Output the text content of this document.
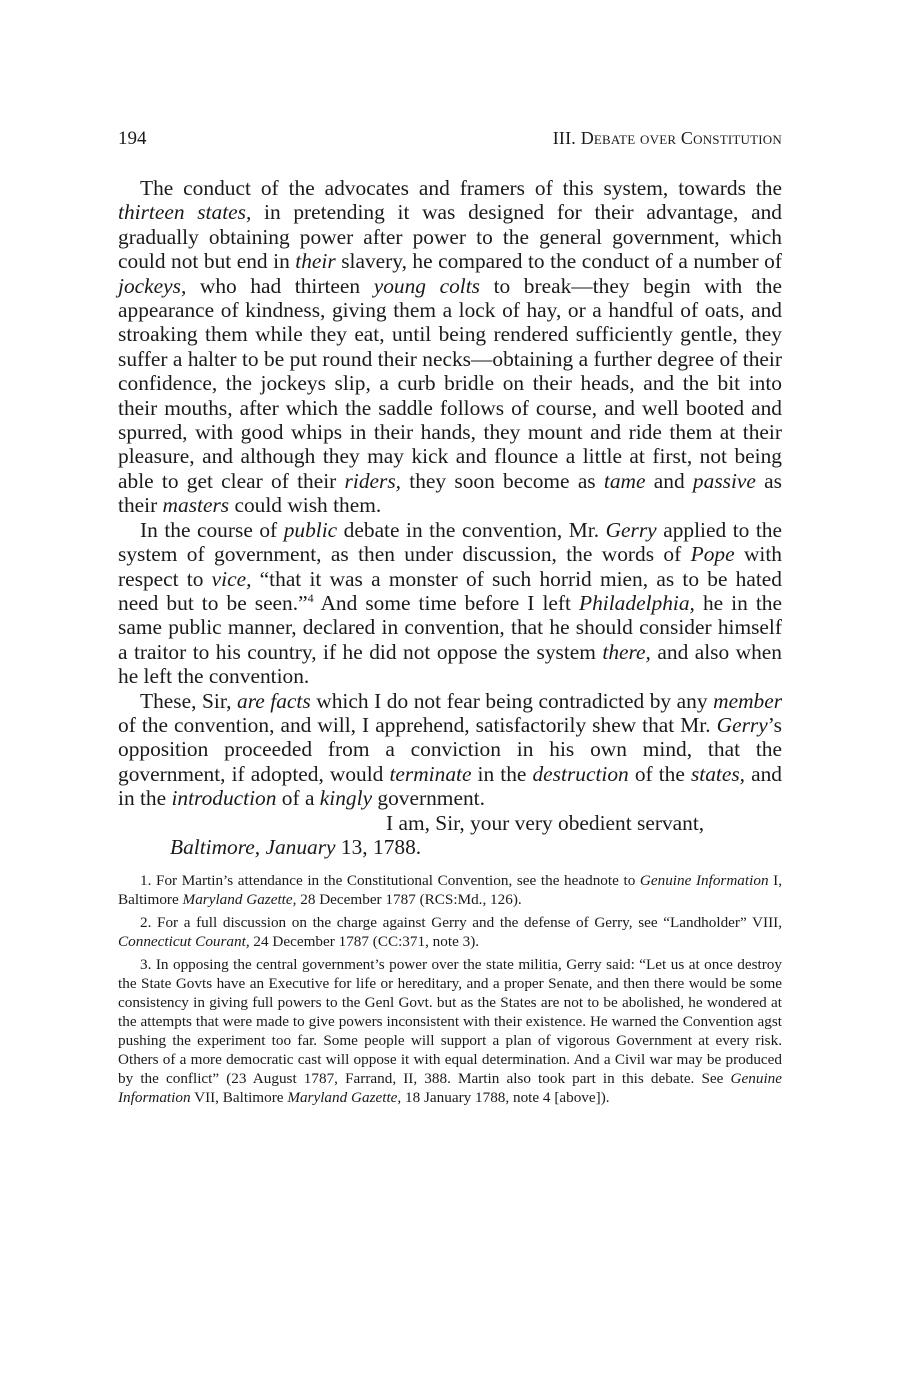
194	III. Debate over Constitution

The conduct of the advocates and framers of this system, towards the thirteen states, in pretending it was designed for their advantage, and gradually obtaining power after power to the general government, which could not but end in their slavery, he compared to the conduct of a number of jockeys, who had thirteen young colts to break—they begin with the appearance of kindness, giving them a lock of hay, or a handful of oats, and stroaking them while they eat, until being rendered sufficiently gentle, they suffer a halter to be put round their necks—obtaining a further degree of their confidence, the jockeys slip, a curb bridle on their heads, and the bit into their mouths, after which the saddle follows of course, and well booted and spurred, with good whips in their hands, they mount and ride them at their pleasure, and although they may kick and flounce a little at first, not being able to get clear of their riders, they soon become as tame and passive as their masters could wish them.

In the course of public debate in the convention, Mr. Gerry applied to the system of government, as then under discussion, the words of Pope with respect to vice, “that it was a monster of such horrid mien, as to be hated need but to be seen.”$^4$ And some time before I left Philadelphia, he in the same public manner, declared in convention, that he should consider himself a traitor to his country, if he did not oppose the system there, and also when he left the convention.

These, Sir, are facts which I do not fear being contradicted by any member of the convention, and will, I apprehend, satisfactorily shew that Mr. Gerry’s opposition proceeded from a conviction in his own mind, that the government, if adopted, would terminate in the destruction of the states, and in the introduction of a kingly government.

I am, Sir, your very obedient servant,

Baltimore, January 13, 1788.

1. For Martin’s attendance in the Constitutional Convention, see the headnote to Genuine Information I, Baltimore Maryland Gazette, 28 December 1787 (RCS:Md., 126).

2. For a full discussion on the charge against Gerry and the defense of Gerry, see “Landholder” VIII, Connecticut Courant, 24 December 1787 (CC:371, note 3).

3. In opposing the central government’s power over the state militia, Gerry said: “Let us at once destroy the State Govts have an Executive for life or hereditary, and a proper Senate, and then there would be some consistency in giving full powers to the Genl Govt. but as the States are not to be abolished, he wondered at the attempts that were made to give powers inconsistent with their existence. He warned the Convention agst pushing the experiment too far. Some people will support a plan of vigorous Government at every risk. Others of a more democratic cast will oppose it with equal determination. And a Civil war may be produced by the conflict” (23 August 1787, Farrand, II, 388. Martin also took part in this debate. See Genuine Information VII, Baltimore Maryland Gazette, 18 January 1788, note 4 [above]).
